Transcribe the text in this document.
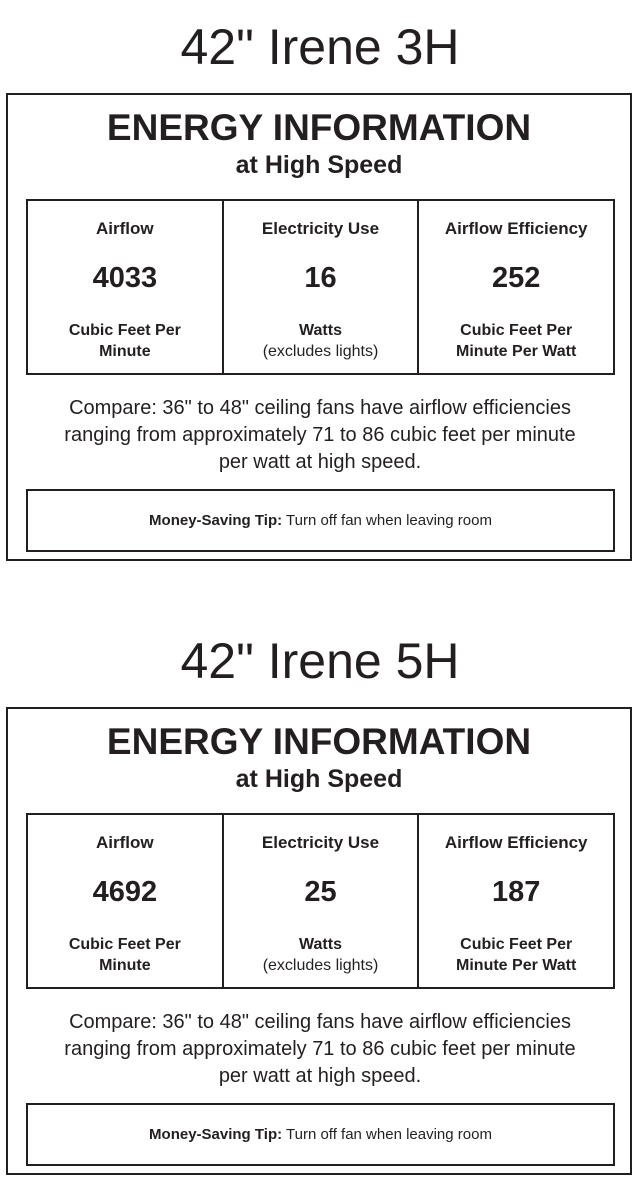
42" Irene 3H
ENERGY INFORMATION
at High Speed
Airflow
4033
Cubic Feet Per
Minute
Electricity Use
16
Watts
(excludes lights)
Airflow Efficiency
252
Cubic Feet Per
Minute Per Watt
Compare: 36" to 48" ceiling fans have airflow efficiencies
ranging from approximately 71 to 86 cubic feet per minute
per watt at high speed.
Money-Saving Tip: Turn off fan when leaving room
42" Irene 5H
ENERGY INFORMATION
at High Speed
Airflow
4692
Cubic Feet Per
Minute
Electricity Use
25
Watts
(excludes lights)
Airflow Efficiency
187
Cubic Feet Per
Minute Per Watt
Compare: 36" to 48" ceiling fans have airflow efficiencies
ranging from approximately 71 to 86 cubic feet per minute
per watt at high speed.
Money-Saving Tip: Turn off fan when leaving room
